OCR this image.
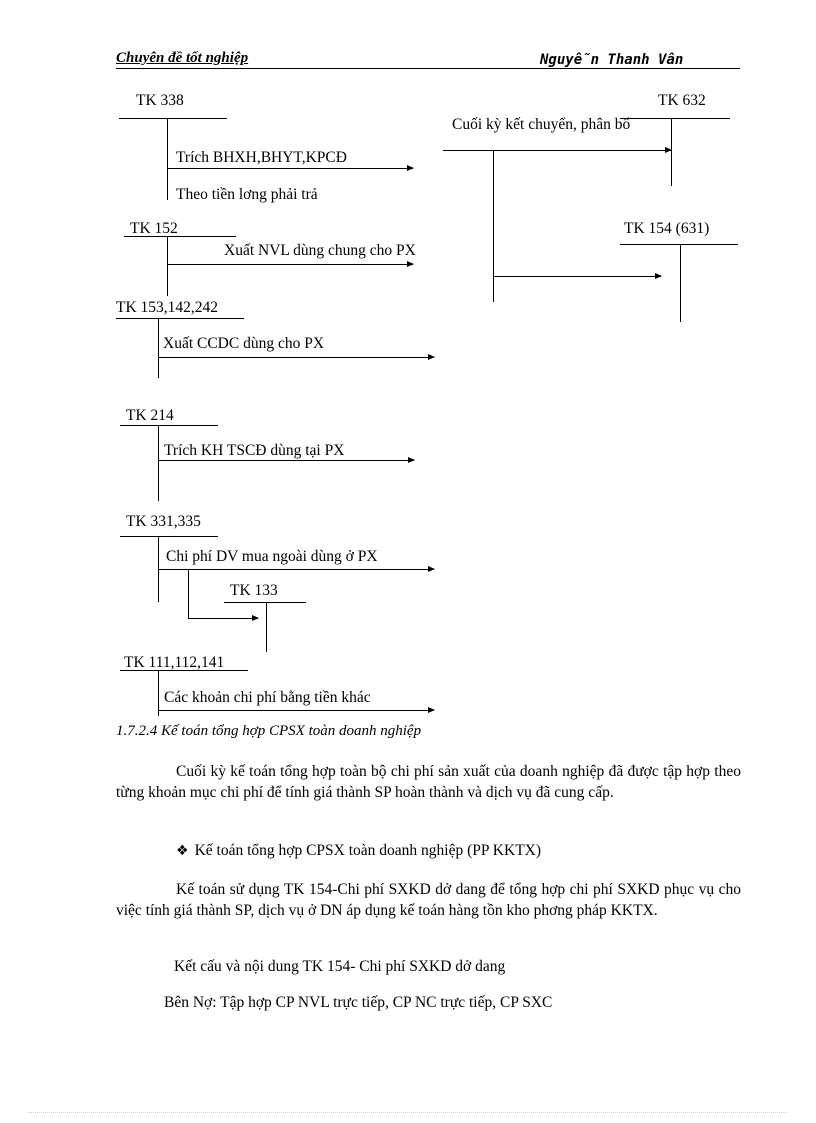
Chuyên đề tốt nghiệp	Nguyễn Thanh Vân
TK 338
Trích BHXH,BHYT,KPCĐ
Theo tiền lơng phải trả
TK 632
Cuối kỳ kết chuyển, phân bổ
TK 154 (631)
TK 152
Xuất NVL dùng chung cho PX
TK 153,142,242
Xuất CCDC dùng cho PX
TK 214
Trích KH TSCĐ dùng tại PX
TK 331,335
Chi phí DV mua ngoài dùng ở PX
TK 133
TK 111,112,141
Các khoản chi phí bằng tiền khác
1.7.2.4 Kế toán tổng hợp CPSX toàn doanh nghiệp
Cuối kỳ kế toán tổng hợp toàn bộ chi phí sản xuất của doanh nghiệp đã được tập hợp theo từng khoản mục chi phí để tính giá thành SP hoàn thành và dịch vụ đã cung cấp.
❖ Kế toán tổng hợp CPSX toàn doanh nghiệp (PP KKTX)
Kế toán sử dụng TK 154-Chi phí SXKD dở dang để tổng hợp chi phí SXKD phục vụ cho việc tính giá thành SP, dịch vụ ở DN áp dụng kế toán hàng tồn kho phơng pháp KKTX.
Kết cấu và nội dung TK 154- Chi phí SXKD dở dang
Bên Nợ: Tập hợp CP NVL trực tiếp, CP NC trực tiếp, CP SXC
